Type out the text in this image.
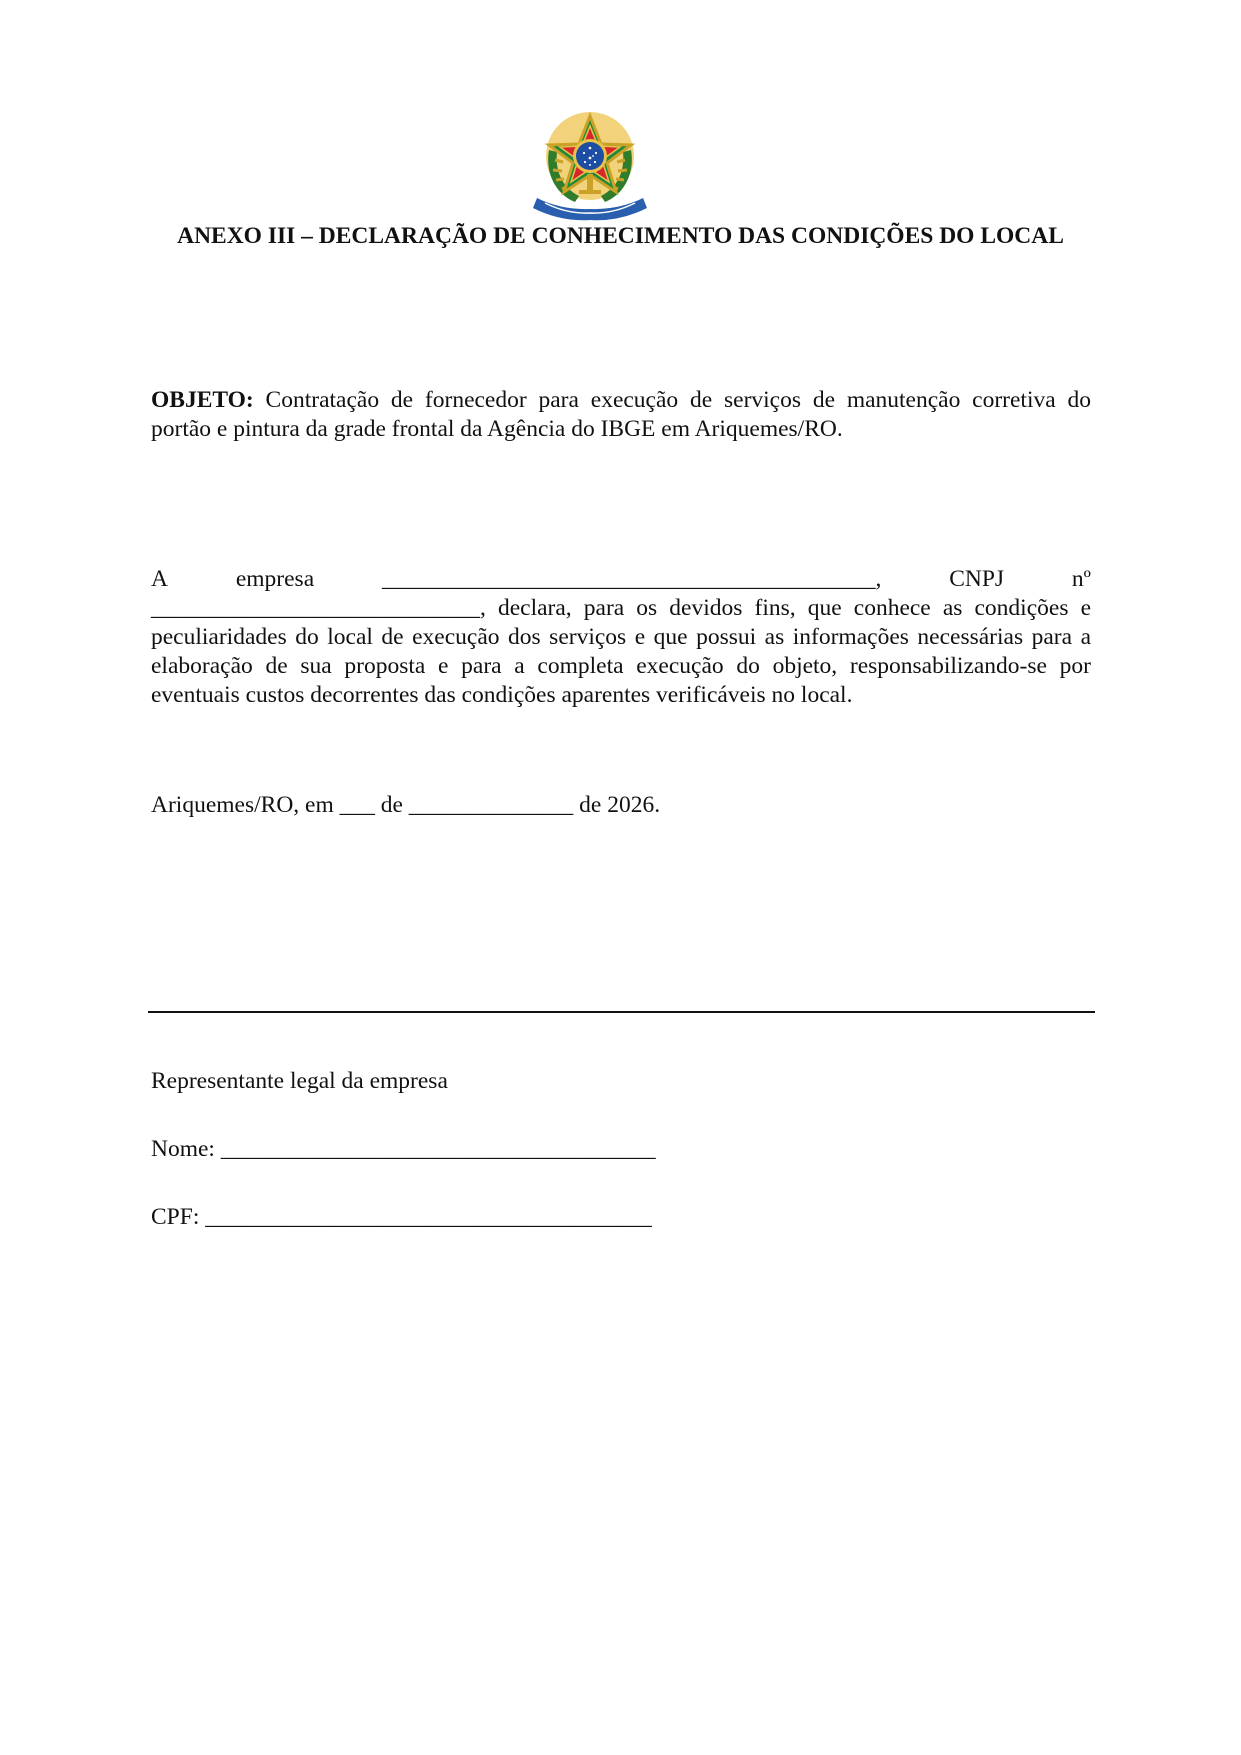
ANEXO III – DECLARAÇÃO DE CONHECIMENTO DAS CONDIÇÕES DO LOCAL

OBJETO: Contratação de fornecedor para execução de serviços de manutenção corretiva do portão e pintura da grade frontal da Agência do IBGE em Ariquemes/RO.

A	empresa	__________________________________________,	CNPJ	nº
____________________________, declara, para os devidos fins, que conhece as condições e peculiaridades do local de execução dos serviços e que possui as informações necessárias para a elaboração de sua proposta e para a completa execução do objeto, responsabilizando-se por eventuais custos decorrentes das condições aparentes verificáveis no local.

Ariquemes/RO, em ___ de ______________ de 2026.

Representante legal da empresa

Nome: _____________________________________

CPF: ______________________________________
